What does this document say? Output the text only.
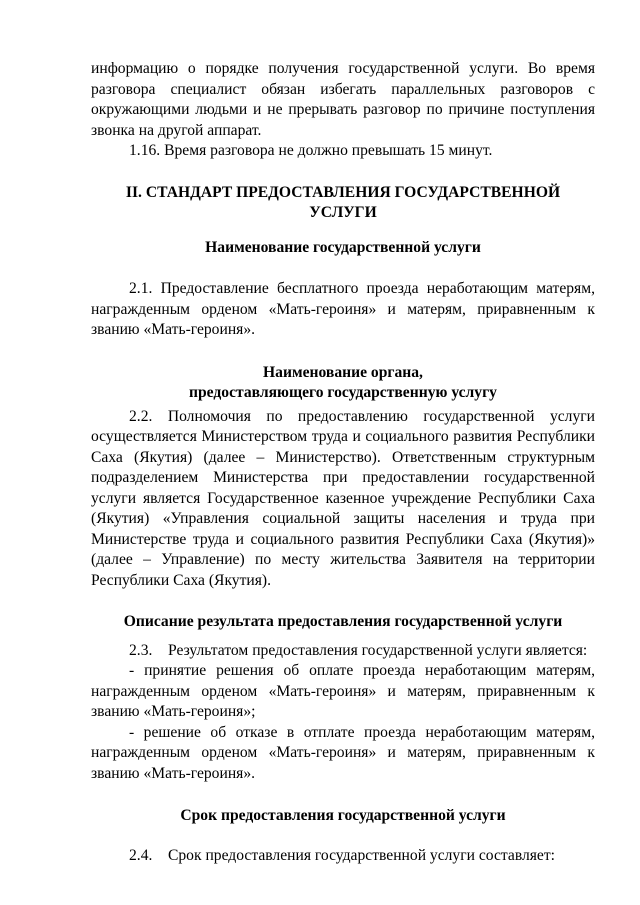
информацию о порядке получения государственной услуги. Во время разговора специалист обязан избегать параллельных разговоров с окружающими людьми и не прерывать разговор по причине поступления звонка на другой аппарат.

1.16. Время разговора не должно превышать 15 минут.

II. СТАНДАРТ ПРЕДОСТАВЛЕНИЯ ГОСУДАРСТВЕННОЙ
УСЛУГИ
Наименование государственной услуги

2.1. Предоставление бесплатного проезда неработающим матерям, награжденным орденом «Мать-героиня» и матерям, приравненным к званию «Мать-героиня».

Наименование органа,
предоставляющего государственную услугу

2.2. Полномочия по предоставлению государственной услуги осуществляется Министерством труда и социального развития Республики Саха (Якутия) (далее – Министерство). Ответственным структурным подразделением Министерства при предоставлении государственной услуги является Государственное казенное учреждение Республики Саха (Якутия) «Управления социальной защиты населения и труда при Министерстве труда и социального развития Республики Саха (Якутия)» (далее – Управление) по месту жительства Заявителя на территории Республики Саха (Якутия).

Описание результата предоставления государственной услуги

2.3. Результатом предоставления государственной услуги является:

- принятие решения об оплате проезда неработающим матерям, награжденным орденом «Мать-героиня» и матерям, приравненным к званию «Мать-героиня»;

- решение об отказе в отплате проезда неработающим матерям, награжденным орденом «Мать-героиня» и матерям, приравненным к званию «Мать-героиня».

Срок предоставления государственной услуги

2.4. Срок предоставления государственной услуги составляет:
